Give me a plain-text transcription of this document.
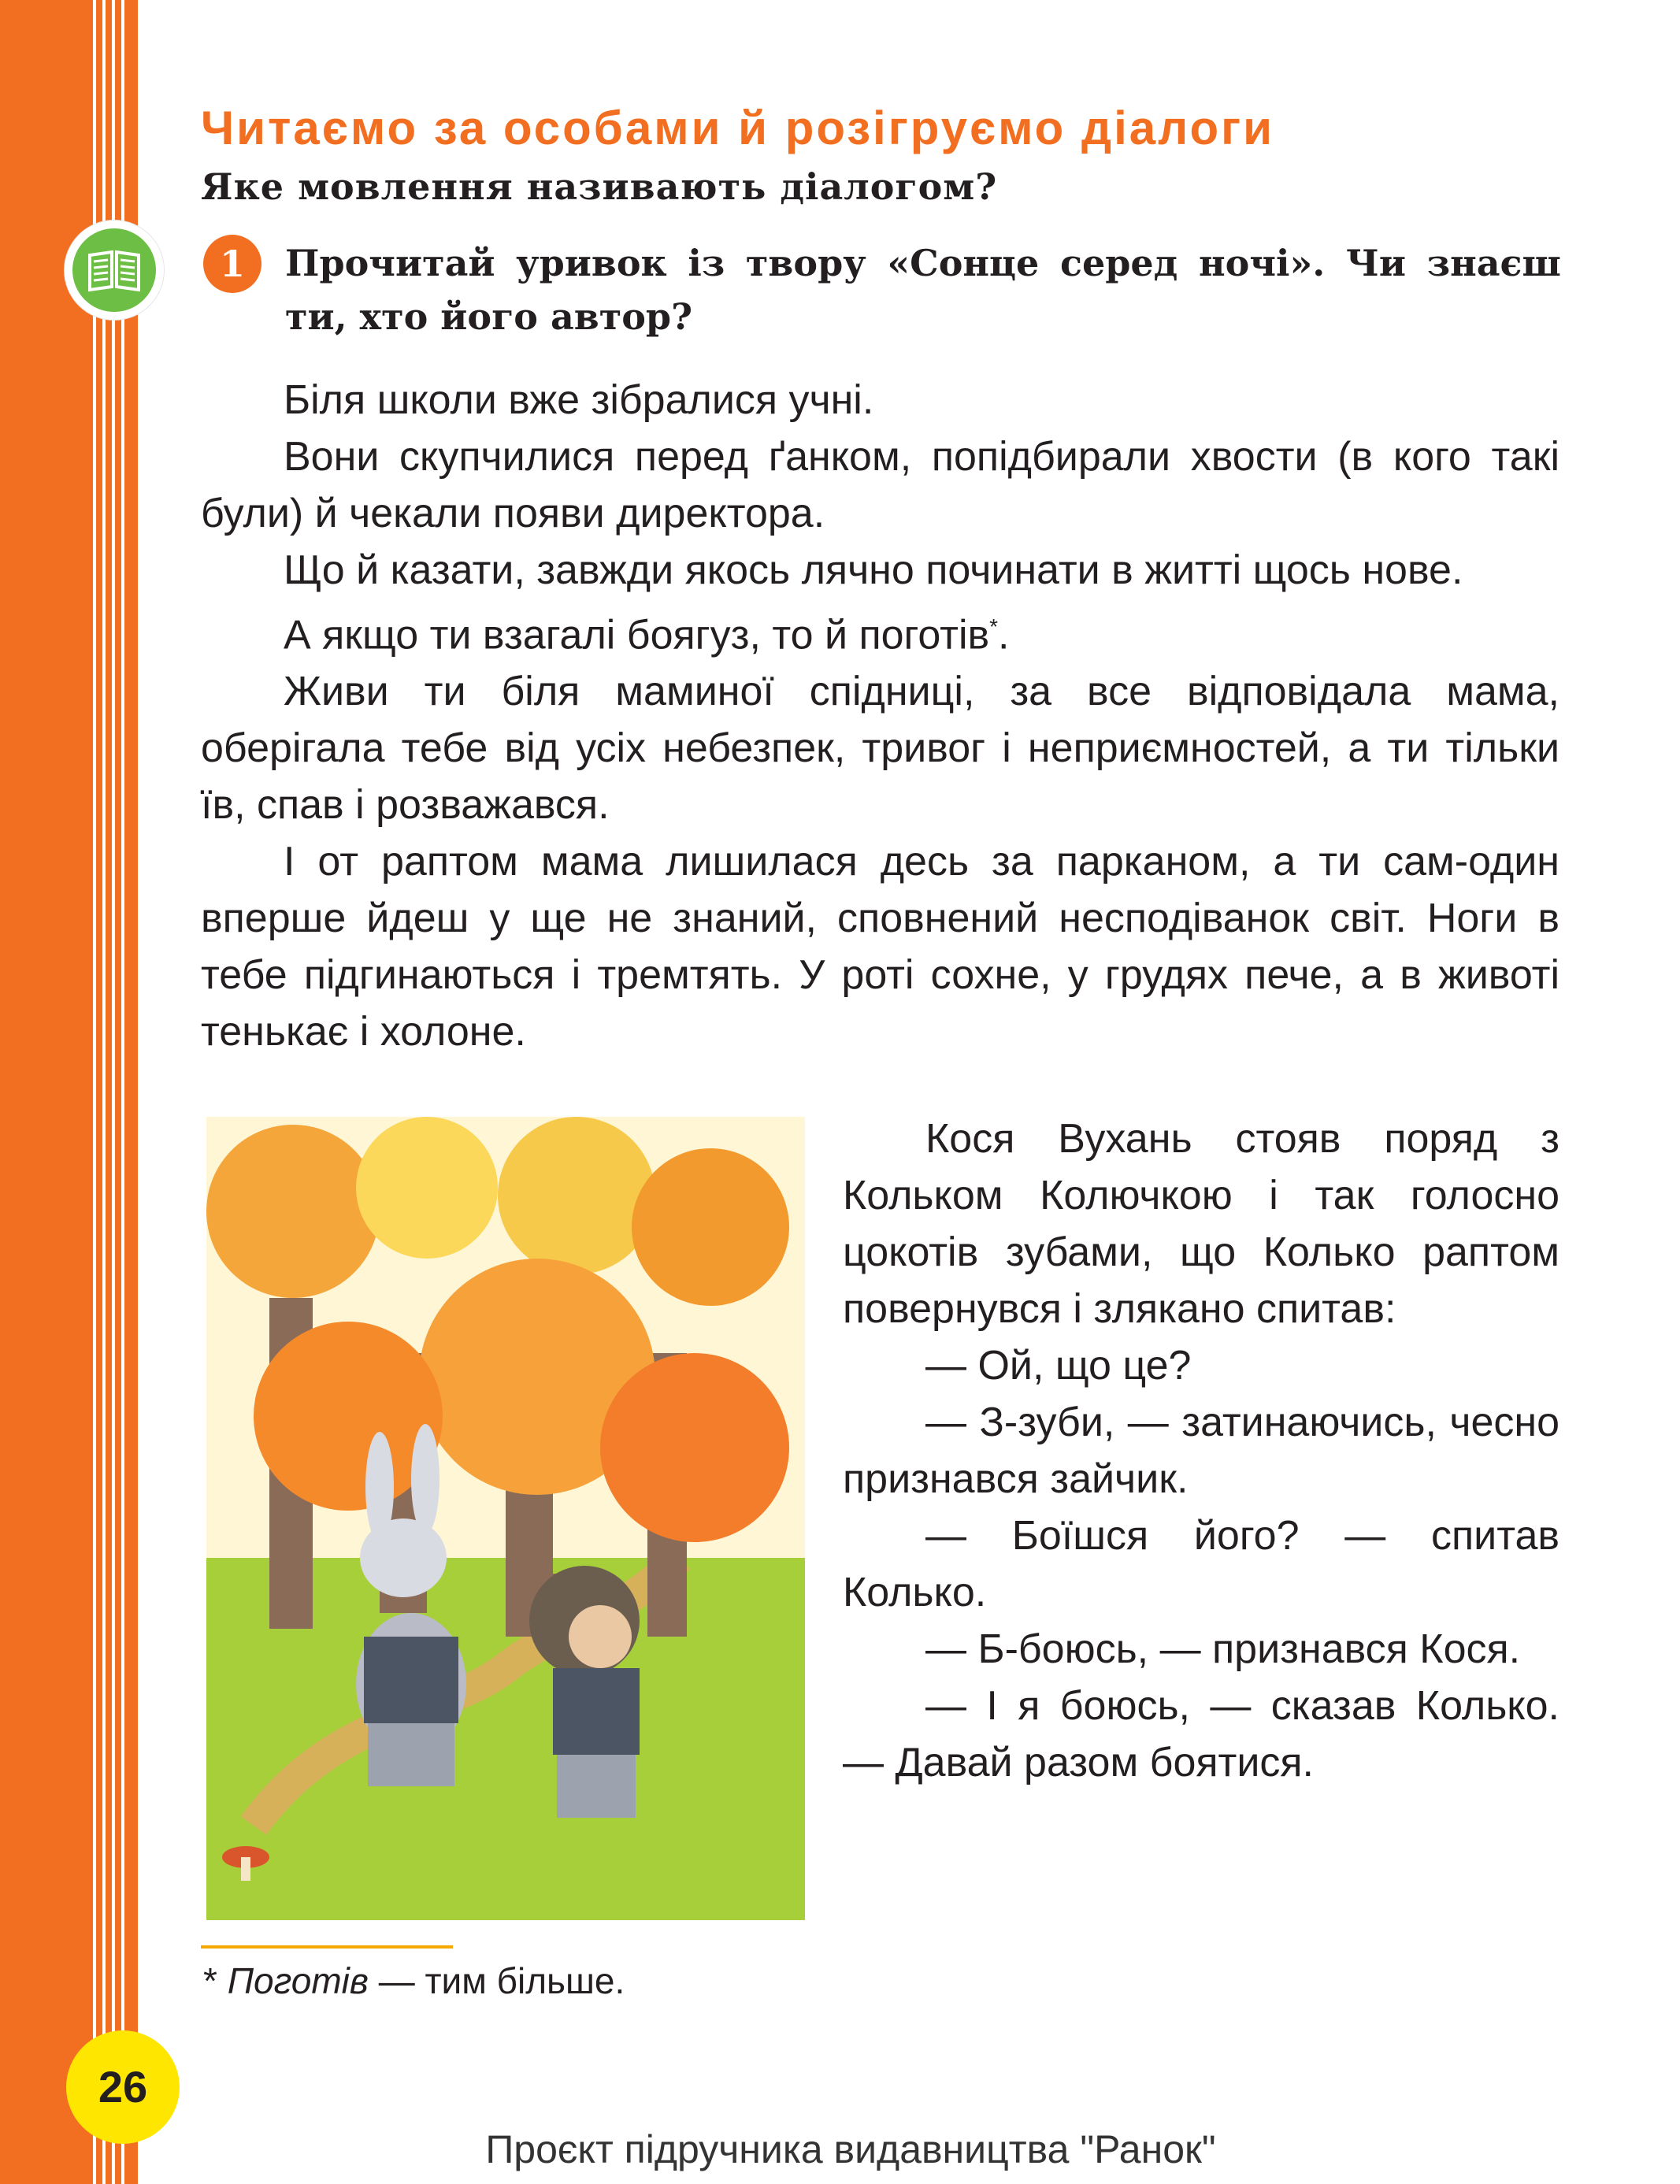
Читаємо за особами й розігруємо діалоги
Яке мовлення називають діалогом?
1	Прочитай уривок із твору «Сонце серед ночі». Чи знаєш ти, хто його автор?

Біля школи вже зібралися учні.

Вони скупчилися перед ґанком, попідбирали хвости (в кого такі були) й чекали появи директора.

Що й казати, завжди якось лячно починати в житті щось нове.

А якщо ти взагалі боягуз, то й поготів*.

Живи ти біля маминої спідниці, за все відповідала мама, оберігала тебе від усіх небезпек, тривог і неприємностей, а ти тільки їв, спав і розважався.

І от раптом мама лишилася десь за парканом, а ти сам-один вперше йдеш у ще не знаний, сповнений несподіванок світ. Ноги в тебе підгинаються і тремтять. У роті сохне, у грудях пече, а в животі тенькає і холоне.

Кося Вухань стояв поряд з Кольком Колючкою і так голосно цокотів зубами, що Колько раптом повернувся і злякано спитав:

— Ой, що це?

— З-зуби, — затинаючись, чесно признався зайчик.

— Боїшся його? — спитав Колько.

— Б-боюсь, — признався Кося.

— І я боюсь, — сказав Колько. — Давай разом боятися.

* Поготів — тим більше.

26

Проєкт підручника видавництва "Ранок"
